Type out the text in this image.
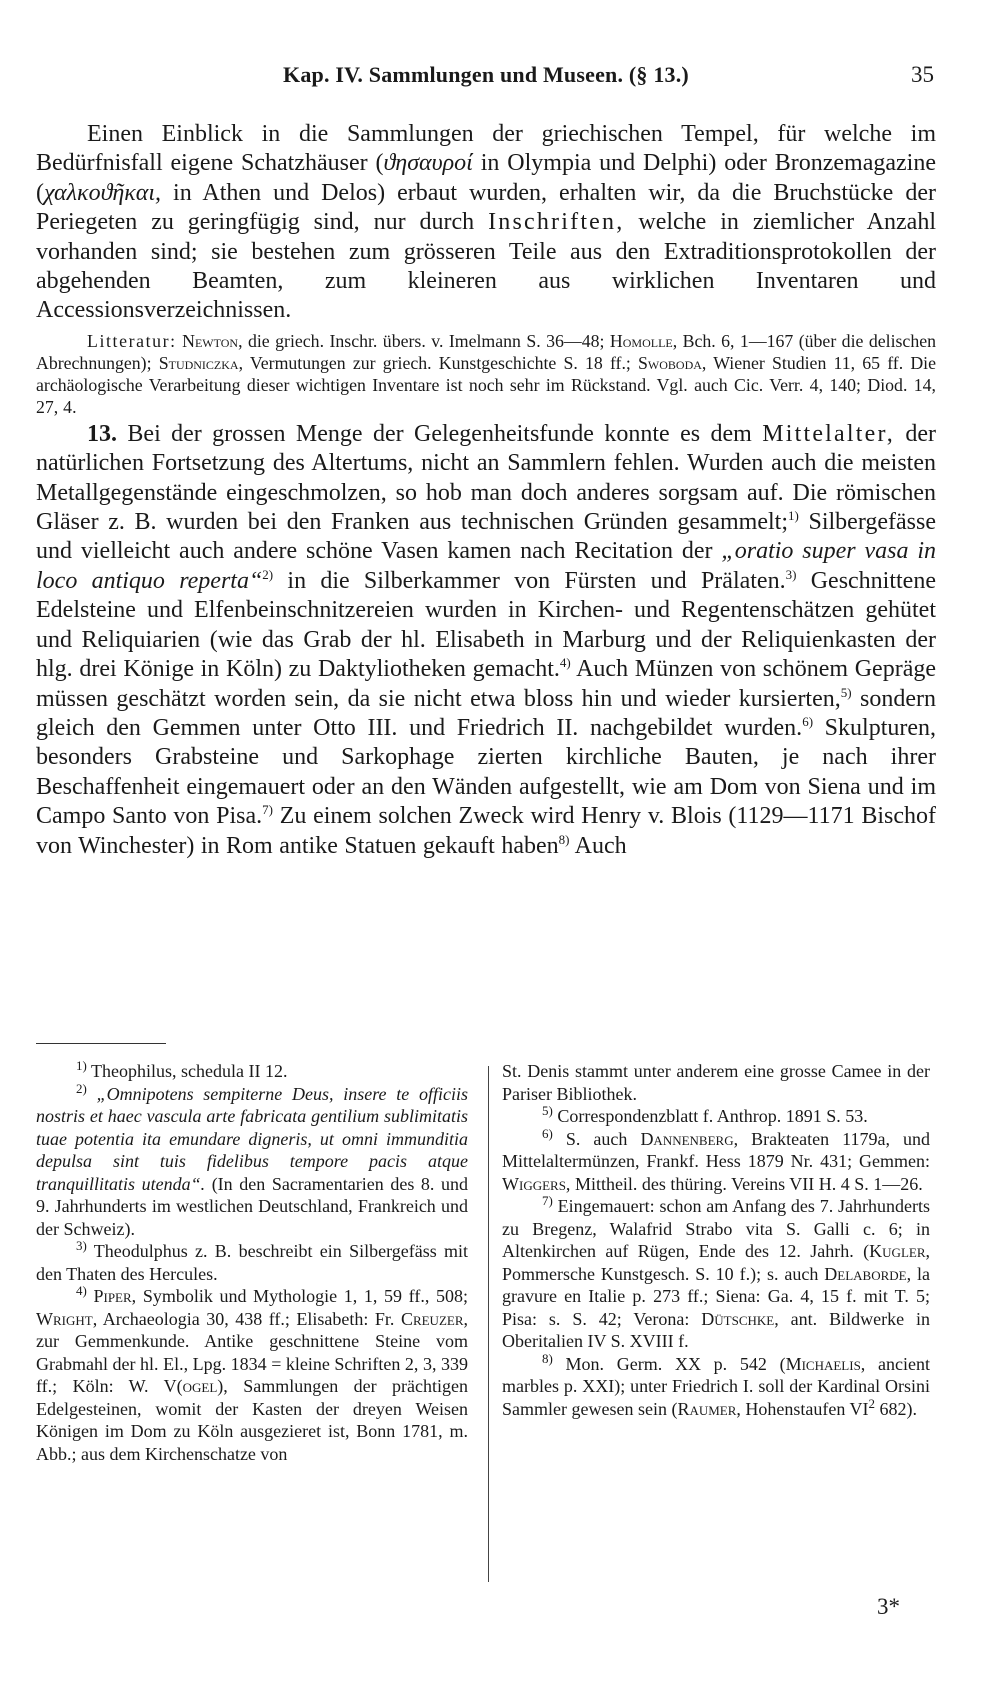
Kap. IV. Sammlungen und Museen. (§ 13.)	35

Einen Einblick in die Sammlungen der griechischen Tempel, für welche im Bedürfnisfall eigene Schatzhäuser (ϑησαυροί in Olympia und Delphi) oder Bronzemagazine (χαλκοϑῆκαι, in Athen und Delos) erbaut wurden, erhalten wir, da die Bruchstücke der Periegeten zu geringfügig sind, nur durch Inschriften, welche in ziemlicher Anzahl vorhanden sind; sie bestehen zum grösseren Teile aus den Extraditionsprotokollen der abgehenden Beamten, zum kleineren aus wirklichen Inventaren und Accessionsverzeichnissen.

Litteratur: Newton, die griech. Inschr. übers. v. Imelmann S. 36—48; Homolle, Bch. 6, 1—167 (über die delischen Abrechnungen); Studniczka, Vermutungen zur griech. Kunstgeschichte S. 18 ff.; Swoboda, Wiener Studien 11, 65 ff. Die archäologische Verarbeitung dieser wichtigen Inventare ist noch sehr im Rückstand. Vgl. auch Cic. Verr. 4, 140; Diod. 14, 27, 4.

13. Bei der grossen Menge der Gelegenheitsfunde konnte es dem Mittelalter, der natürlichen Fortsetzung des Altertums, nicht an Sammlern fehlen. Wurden auch die meisten Metallgegenstände eingeschmolzen, so hob man doch anderes sorgsam auf. Die römischen Gläser z. B. wurden bei den Franken aus technischen Gründen gesammelt;$^{1)}$ Silbergefässe und vielleicht auch andere schöne Vasen kamen nach Recitation der „oratio super vasa in loco antiquo reperta“$^{2)}$ in die Silberkammer von Fürsten und Prälaten.$^{3)}$ Geschnittene Edelsteine und Elfenbeinschnitzereien wurden in Kirchen- und Regentenschätzen gehütet und Reliquiarien (wie das Grab der hl. Elisabeth in Marburg und der Reliquienkasten der hlg. drei Könige in Köln) zu Daktyliotheken gemacht.$^{4)}$ Auch Münzen von schönem Gepräge müssen geschätzt worden sein, da sie nicht etwa bloss hin und wieder kursierten,$^{5)}$ sondern gleich den Gemmen unter Otto III. und Friedrich II. nachgebildet wurden.$^{6)}$ Skulpturen, besonders Grabsteine und Sarkophage zierten kirchliche Bauten, je nach ihrer Beschaffenheit eingemauert oder an den Wänden aufgestellt, wie am Dom von Siena und im Campo Santo von Pisa.$^{7)}$ Zu einem solchen Zweck wird Henry v. Blois (1129—1171 Bischof von Winchester) in Rom antike Statuen gekauft haben$^{8)}$ Auch

$^{1)}$ Theophilus, schedula II 12.

$^{2)}$ „Omnipotens sempiterne Deus, insere te officiis nostris et haec vascula arte fabricata gentilium sublimitatis tuae potentia ita emundare digneris, ut omni immunditia depulsa sint tuis fidelibus tempore pacis atque tranquillitatis utenda“. (In den Sacramentarien des 8. und 9. Jahrhunderts im westlichen Deutschland, Frankreich und der Schweiz).

$^{3)}$ Theodulphus z. B. beschreibt ein Silbergefäss mit den Thaten des Hercules.

$^{4)}$ Piper, Symbolik und Mythologie 1, 1, 59 ff., 508; Wright, Archaeologia 30, 438 ff.; Elisabeth: Fr. Creuzer, zur Gemmenkunde. Antike geschnittene Steine vom Grabmahl der hl. El., Lpg. 1834 = kleine Schriften 2, 3, 339 ff.; Köln: W. V(ogel), Sammlungen der prächtigen Edelgesteinen, womit der Kasten der dreyen Weisen Königen im Dom zu Köln ausgezieret ist, Bonn 1781, m. Abb.; aus dem Kirchenschatze von

St. Denis stammt unter anderem eine grosse Camee in der Pariser Bibliothek.

$^{5)}$ Correspondenzblatt f. Anthrop. 1891 S. 53.

$^{6)}$ S. auch Dannenberg, Brakteaten 1179a, und Mittelaltermünzen, Frankf. Hess 1879 Nr. 431; Gemmen: Wiggers, Mittheil. des thüring. Vereins VII H. 4 S. 1—26.

$^{7)}$ Eingemauert: schon am Anfang des 7. Jahrhunderts zu Bregenz, Walafrid Strabo vita S. Galli c. 6; in Altenkirchen auf Rügen, Ende des 12. Jahrh. (Kugler, Pommersche Kunstgesch. S. 10 f.); s. auch Delaborde, la gravure en Italie p. 273 ff.; Siena: Ga. 4, 15 f. mit T. 5; Pisa: s. S. 42; Verona: Dütschke, ant. Bildwerke in Oberitalien IV S. XVIII f.

$^{8)}$ Mon. Germ. XX p. 542 (Michaelis, ancient marbles p. XXI); unter Friedrich I. soll der Kardinal Orsini Sammler gewesen sein (Raumer, Hohenstaufen VI$^2$ 682).

3*
